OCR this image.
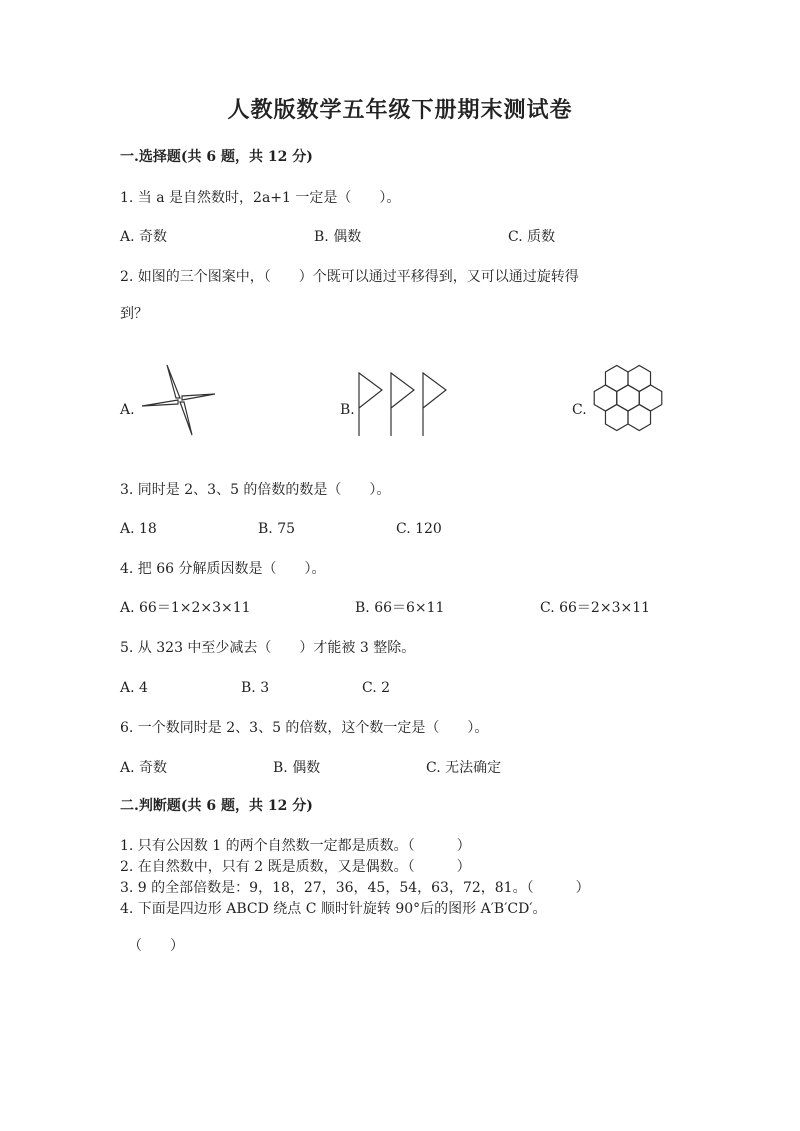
人教版数学五年级下册期末测试卷
一.选择题(共 6 题，共 12 分)
1. 当 a 是自然数时，2a+1 一定是（　　）。
A. 奇数	B. 偶数	C. 质数
2. 如图的三个图案中，（　　）个既可以通过平移得到，又可以通过旋转得
到？
A.	B.	C.
3. 同时是 2、3、5 的倍数的数是（　　）。
A. 18	B. 75	C. 120
4. 把 66 分解质因数是（　　）。
A. 66＝1×2×3×11	B. 66＝6×11	C. 66＝2×3×11
5. 从 323 中至少减去（　　）才能被 3 整除。
A. 4	B. 3	C. 2
6. 一个数同时是 2、3、5 的倍数，这个数一定是（　　）。
A. 奇数	B. 偶数	C. 无法确定
二.判断题(共 6 题，共 12 分)
1. 只有公因数 1 的两个自然数一定都是质数。（　　　）
2. 在自然数中，只有 2 既是质数，又是偶数。（　　　）
3. 9 的全部倍数是：9，18，27，36，45，54，63，72，81。（　　　）
4. 下面是四边形 ABCD 绕点 C 顺时针旋转 90°后的图形 A′B′CD′。
（　　）
